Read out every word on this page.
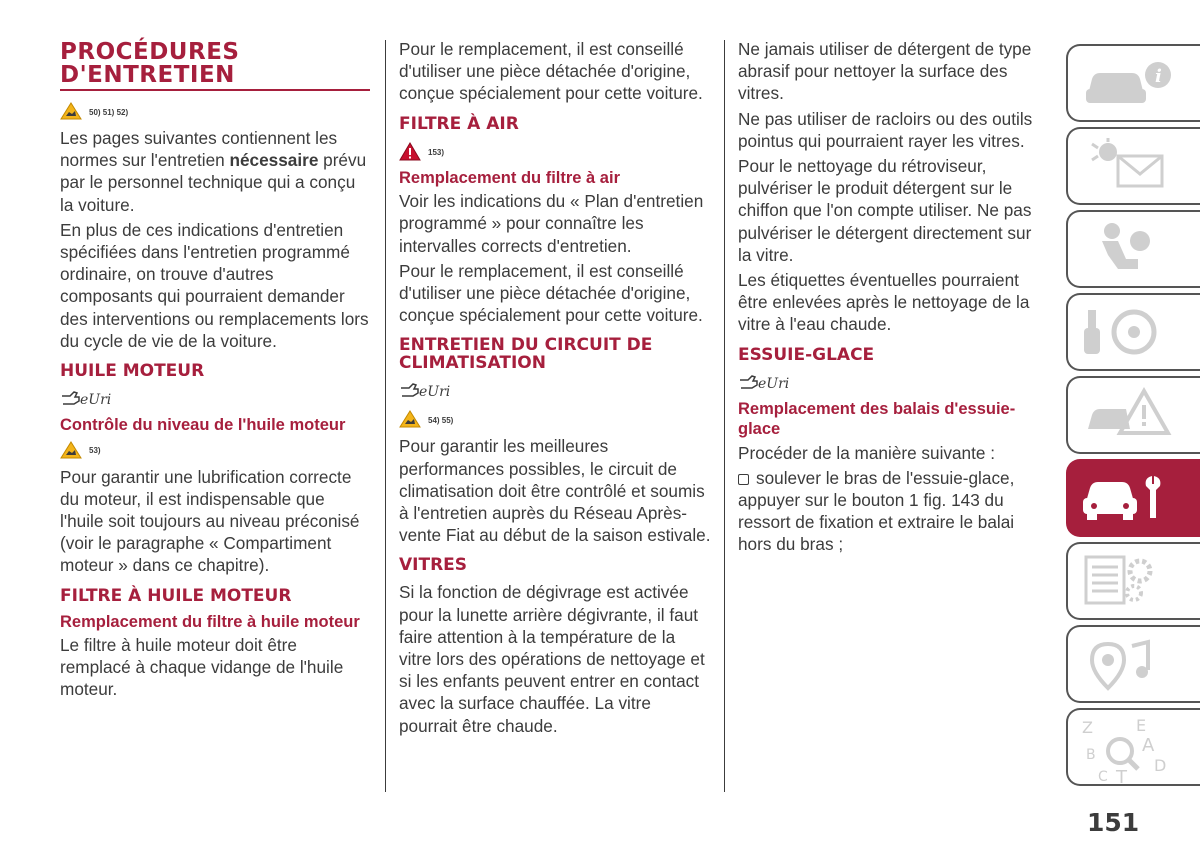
PROCÉDURES D'ENTRETIEN
50) 51) 52)

Les pages suivantes contiennent les normes sur l'entretien nécessaire prévu par le personnel technique qui a conçu la voiture.

En plus de ces indications d'entretien spécifiées dans l'entretien programmé ordinaire, on trouve d'autres composants qui pourraient demander des interventions ou remplacements lors du cycle de vie de la voiture.

HUILE MOTEUR
eUri
Contrôle du niveau de l'huile moteur
53)

Pour garantir une lubrification correcte du moteur, il est indispensable que l'huile soit toujours au niveau préconisé (voir le paragraphe « Compartiment moteur » dans ce chapitre).

FILTRE À HUILE MOTEUR
Remplacement du filtre à huile moteur

Le filtre à huile moteur doit être remplacé à chaque vidange de l'huile moteur.

Pour le remplacement, il est conseillé d'utiliser une pièce détachée d'origine, conçue spécialement pour cette voiture.

FILTRE À AIR
153)
Remplacement du filtre à air

Voir les indications du « Plan d'entretien programmé » pour connaître les intervalles corrects d'entretien.

Pour le remplacement, il est conseillé d'utiliser une pièce détachée d'origine, conçue spécialement pour cette voiture.

ENTRETIEN DU CIRCUIT DE CLIMATISATION
eUri
54) 55)

Pour garantir les meilleures performances possibles, le circuit de climatisation doit être contrôlé et soumis à l'entretien auprès du Réseau Après-vente Fiat au début de la saison estivale.

VITRES

Si la fonction de dégivrage est activée pour la lunette arrière dégivrante, il faut faire attention à la température de la vitre lors des opérations de nettoyage et si les enfants peuvent entrer en contact avec la surface chauffée. La vitre pourrait être chaude.

Ne jamais utiliser de détergent de type abrasif pour nettoyer la surface des vitres.

Ne pas utiliser de racloirs ou des outils pointus qui pourraient rayer les vitres.

Pour le nettoyage du rétroviseur, pulvériser le produit détergent sur le chiffon que l'on compte utiliser. Ne pas pulvériser le détergent directement sur la vitre.

Les étiquettes éventuelles pourraient être enlevées après le nettoyage de la vitre à l'eau chaude.

ESSUIE-GLACE
eUri
Remplacement des balais d'essuie-glace

Procéder de la manière suivante :

soulever le bras de l'essuie-glace, appuyer sur le bouton 1 fig. 143 du ressort de fixation et extraire le balai hors du bras ;

i
Z	E
A
B
C T
D
151
